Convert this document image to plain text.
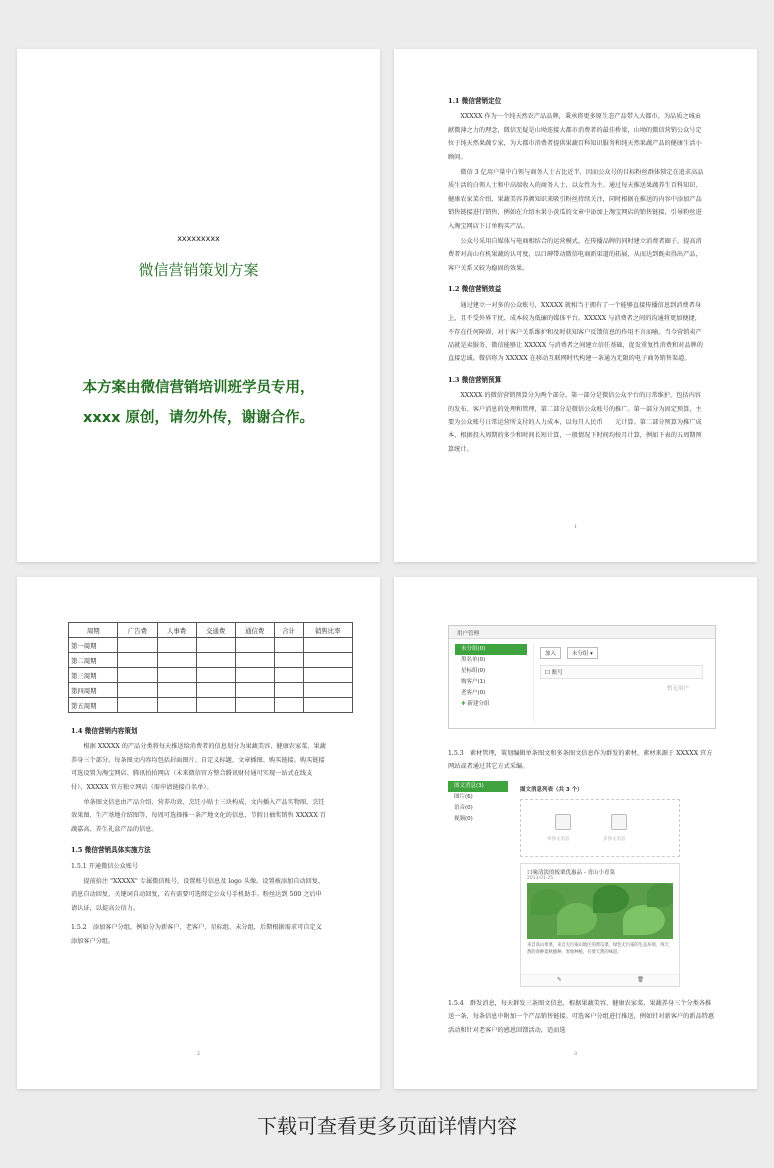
xxxxxxxxx
微信营销策划方案
本方案由微信营销培训班学员专用，
xxxx 原创，请勿外传，谢谢合作。
1.1 微信营销定位

XXXXX 作为一个纯天然农产品品牌，秉承将更多原生态产品带入大都市、为品质之城贡献微薄之力的理念，微信无疑是山坳连接大都市消费者的最佳桥梁，山坳的微信营销公众号定位于纯天然果蔬专家，为大都市消费者提供果蔬百科知识服务和纯天然果蔬产品的健康生活小顾问。

微信 3 亿用户量中白领与商务人士占比近半，因而公众号的目标粉丝群体锁定在追求高品质生活的白领人士和中高端收入的商务人士，以女性为主。通过每天推送果蔬养生百科知识、健康农家菜介绍、果蔬美容养颜知识来吸引粉丝持续关注，同时根据在推送的内容中添加产品销售链接进行销售，例如在介绍水果小黄瓜的文章中添加上淘宝网店的销售链接，引导粉丝进入淘宝网店下订单购买产品。

公众号采用自媒体与电商相结合的运营模式，在传播品牌的同时建立消费者圈子，提高消费者对高山有机果蔬的认可度，以口碑带动微信电商新渠道的拓展，从而达到既卖得出产品，客户关系又较为稳固的效果。

1.2 微信营销效益

通过建立一对多的公众账号，XXXXX 就相当于拥有了一个能够直接传播信息到消费者身上，且不受外界干扰、成本较为低廉的媒体平台。XXXXX 与消费者之间的沟通将更加便捷，不存在任何障碍，对于客户关系维护和及时获知客户反馈信息的作用不言而喻。当今营销卖产品就是卖服务，微信能够让 XXXXX 与消费者之间建立信任基础，促发重复性消费和对品牌的直接忠诚。微信将为 XXXXX 在移动互联网时代构建一条通为无限的电子商务销售渠道。

1.3 微信营销预算

XXXXX 的微信营销预算分为两个部分。第一部分是微信公众平台的日常维护，包括内容的发布、客户消息的处理和管理，第二部分是微信公众账号的推广。第一部分为固定预算，主要为公众账号日常运营所支付的人力成本，以每月人民币　　元计算。第二部分预算为推广成本，根据投入周期的多少和时间长短计算，一般情况下时间均按月计算，例如下表的五周期预算统计。

1
周期	广告费	人事费	交通费	通信费	合计	销售比率
第一周期						
第二周期						
第三周期						
第四周期						
第五周期						
1.4 微信营销内容策划

根据 XXXXX 的产品分类将每天推送给消费者的信息划分为果蔬美容、健康农家菜、果蔬养身三个部分。每条图文内容均包括封面图片、自定义标题、文章插图、购买链接。购买链接可选设置为淘宝网店、腾讯拍拍网店（未来微信官方整合腾讯财付通可实现一站式在线支付）、XXXXX 官方独立网店（需申请链接白名单）。

单条图文信息由产品介绍、营养功效、烹饪小贴士三块构成，文内插入产品实物图、烹饪效果图、生产基地介绍图等，每周可选择推一条产地文化的信息，节假日抽奖销售 XXXXX 百蔬嘉高、养生礼盒产品的信息。

1.5 微信营销具体实施方法

1.5.1 开通微信公众账号

提前拾注 "XXXXX" 专属微信账号，设置账号信息及 logo 头像。设置被添加自动回复、消息自动回复、关键词自动回复，若有需要可选绑定公众号手机助手。粉丝达到 500 之后申请认证，以提高公信力。

1.5.2　添加客户分组，例如分为新客户、老客户、星标组、未分组，后期根据需求可自定义添加客户分组。

2
用户管理
未分组(0)
黑名单(0)
星标组(0)
购客户(1)
老客户(0)
✚ 新建分组
加入	未分组 ▾
☐ 账号
暂无用户

1.5.3　素材管理，策划编辑单条图文和多条图文信息作为群发的素材，素材来源于 XXXXX 官方网站或者通过其它方式采编。

图文消息(3)
图片(6)
语音(0)
视频(0)
图文消息列表（共 3 个）
单图文消息	多图文消息
口味清淡的板栗优惠品 - 青山小青菜
2013-01-25
来自高山果菜，来自无污染山地区的黄瓜菜，绿色无污染的生态环境，纯天然的春种夏秋播种，原始种植，有菜天然的味道。
✎	🗑

1.5.4　群发消息，每天群发三条图文信息，根据果蔬美容、健康农家菜、果蔬养身三个分类各推送一条，每条信息中附加一个产品销售链接。可选客户分组进行推送，例如针对新客户的新品特惠活动和针对老客户的感恩回馈活动，适而选

3
下载可查看更多页面详情内容
